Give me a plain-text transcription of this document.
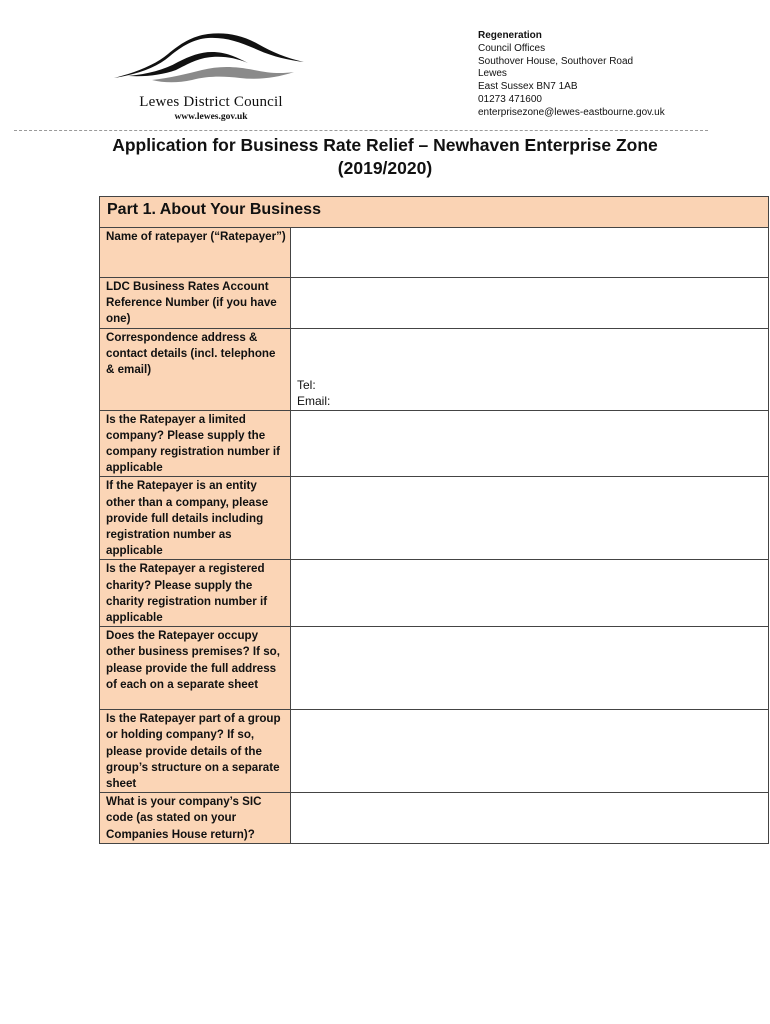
Lewes District Council
www.lewes.gov.uk
Regeneration
Council Offices
Southover House, Southover Road
Lewes
East Sussex BN7 1AB
01273 471600
enterprisezone@lewes-eastbourne.gov.uk
Application for Business Rate Relief – Newhaven Enterprise Zone
(2019/2020)
Part 1. About Your Business	
Name of ratepayer (“Ratepayer”)	
LDC Business Rates Account Reference Number (if you have one)	
Correspondence address & contact details (incl. telephone & email)	Tel:
Email:

Is the Ratepayer a limited company? Please supply the company registration number if applicable	
If the Ratepayer is an entity other than a company, please provide full details including registration number as applicable	
Is the Ratepayer a registered charity? Please supply the charity registration number if applicable	
Does the Ratepayer occupy other business premises? If so, please provide the full address of each on a separate sheet	
Is the Ratepayer part of a group or holding company? If so, please provide details of the group’s structure on a separate sheet	
What is your company’s SIC code (as stated on your Companies House return)?	
